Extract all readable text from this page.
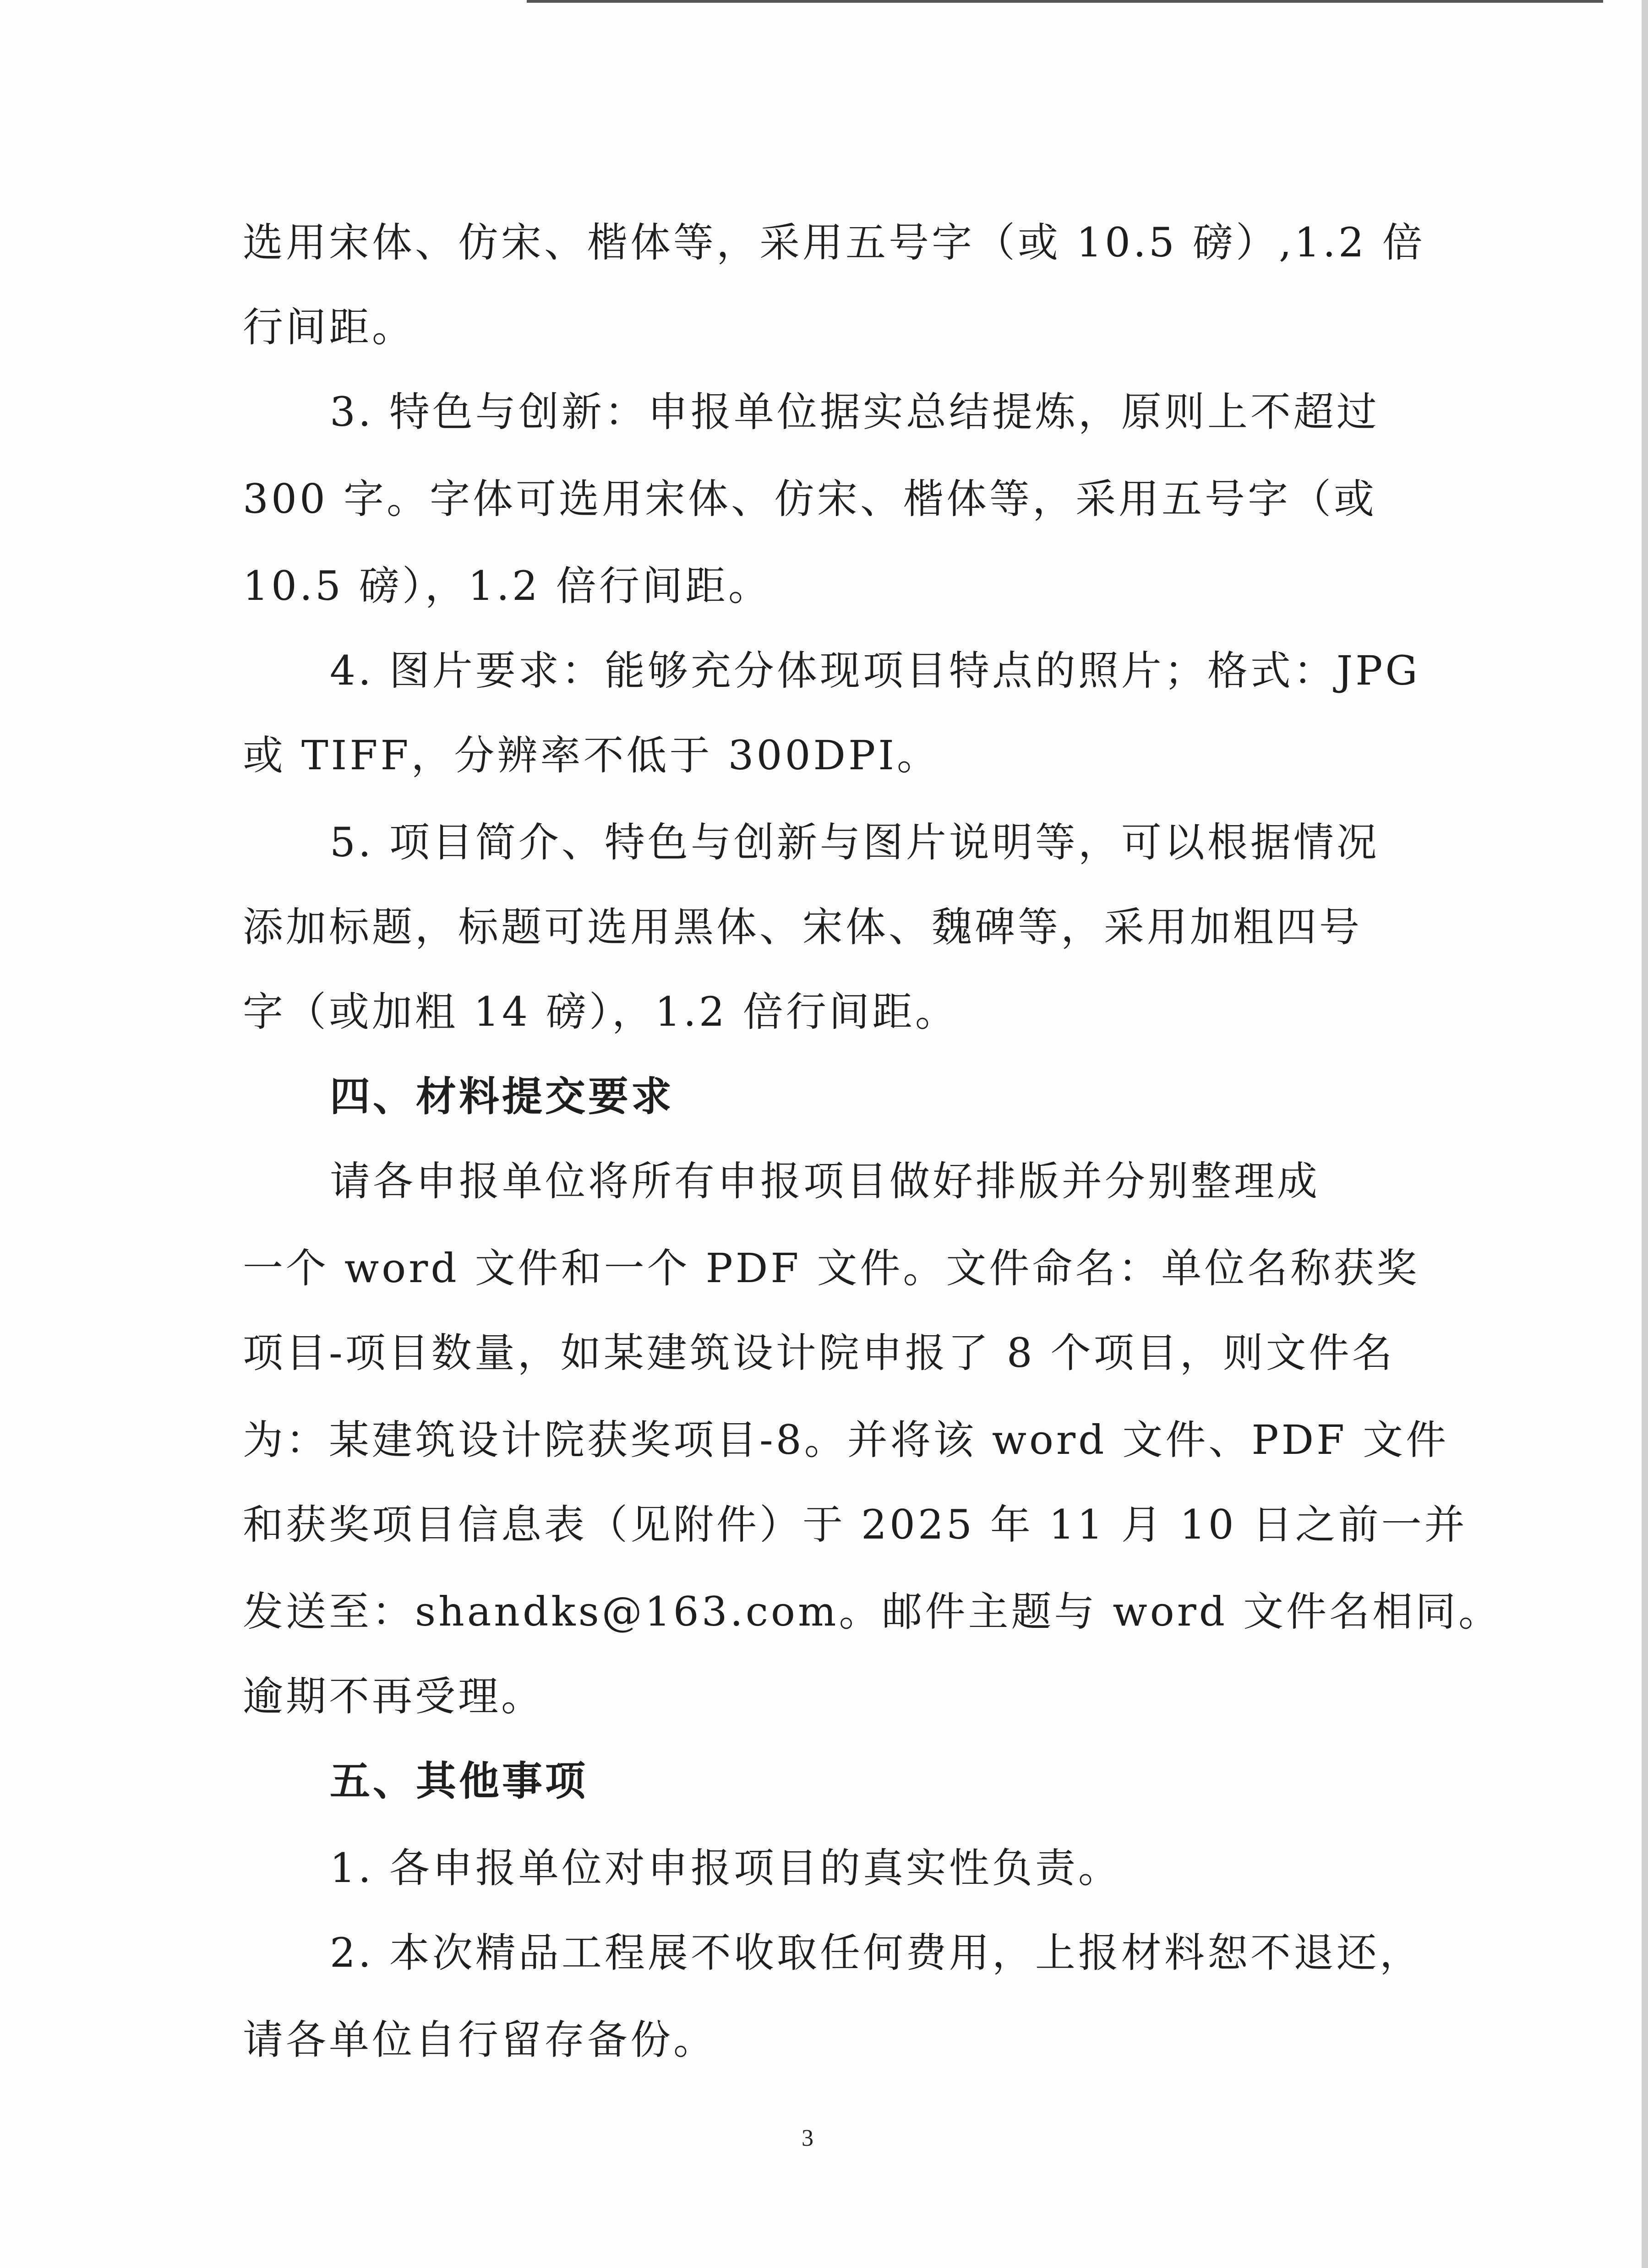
选用宋体、仿宋、楷体等，采用五号字（或 10.5 磅）,1.2 倍
行间距。
3. 特色与创新：申报单位据实总结提炼，原则上不超过
300 字。字体可选用宋体、仿宋、楷体等，采用五号字（或
10.5 磅），1.2 倍行间距。
4. 图片要求：能够充分体现项目特点的照片；格式：JPG
或 TIFF，分辨率不低于 300DPI。
5. 项目简介、特色与创新与图片说明等，可以根据情况
添加标题，标题可选用黑体、宋体、魏碑等，采用加粗四号
字（或加粗 14 磅），1.2 倍行间距。
四、材料提交要求
请各申报单位将所有申报项目做好排版并分别整理成
一个 word 文件和一个 PDF 文件。文件命名：单位名称获奖
项目-项目数量，如某建筑设计院申报了 8 个项目，则文件名
为：某建筑设计院获奖项目-8。并将该 word 文件、PDF 文件
和获奖项目信息表（见附件）于 2025 年 11 月 10 日之前一并
发送至：shandks@163.com。邮件主题与 word 文件名相同。
逾期不再受理。
五、其他事项
1. 各申报单位对申报项目的真实性负责。
2. 本次精品工程展不收取任何费用，上报材料恕不退还，
请各单位自行留存备份。
3
